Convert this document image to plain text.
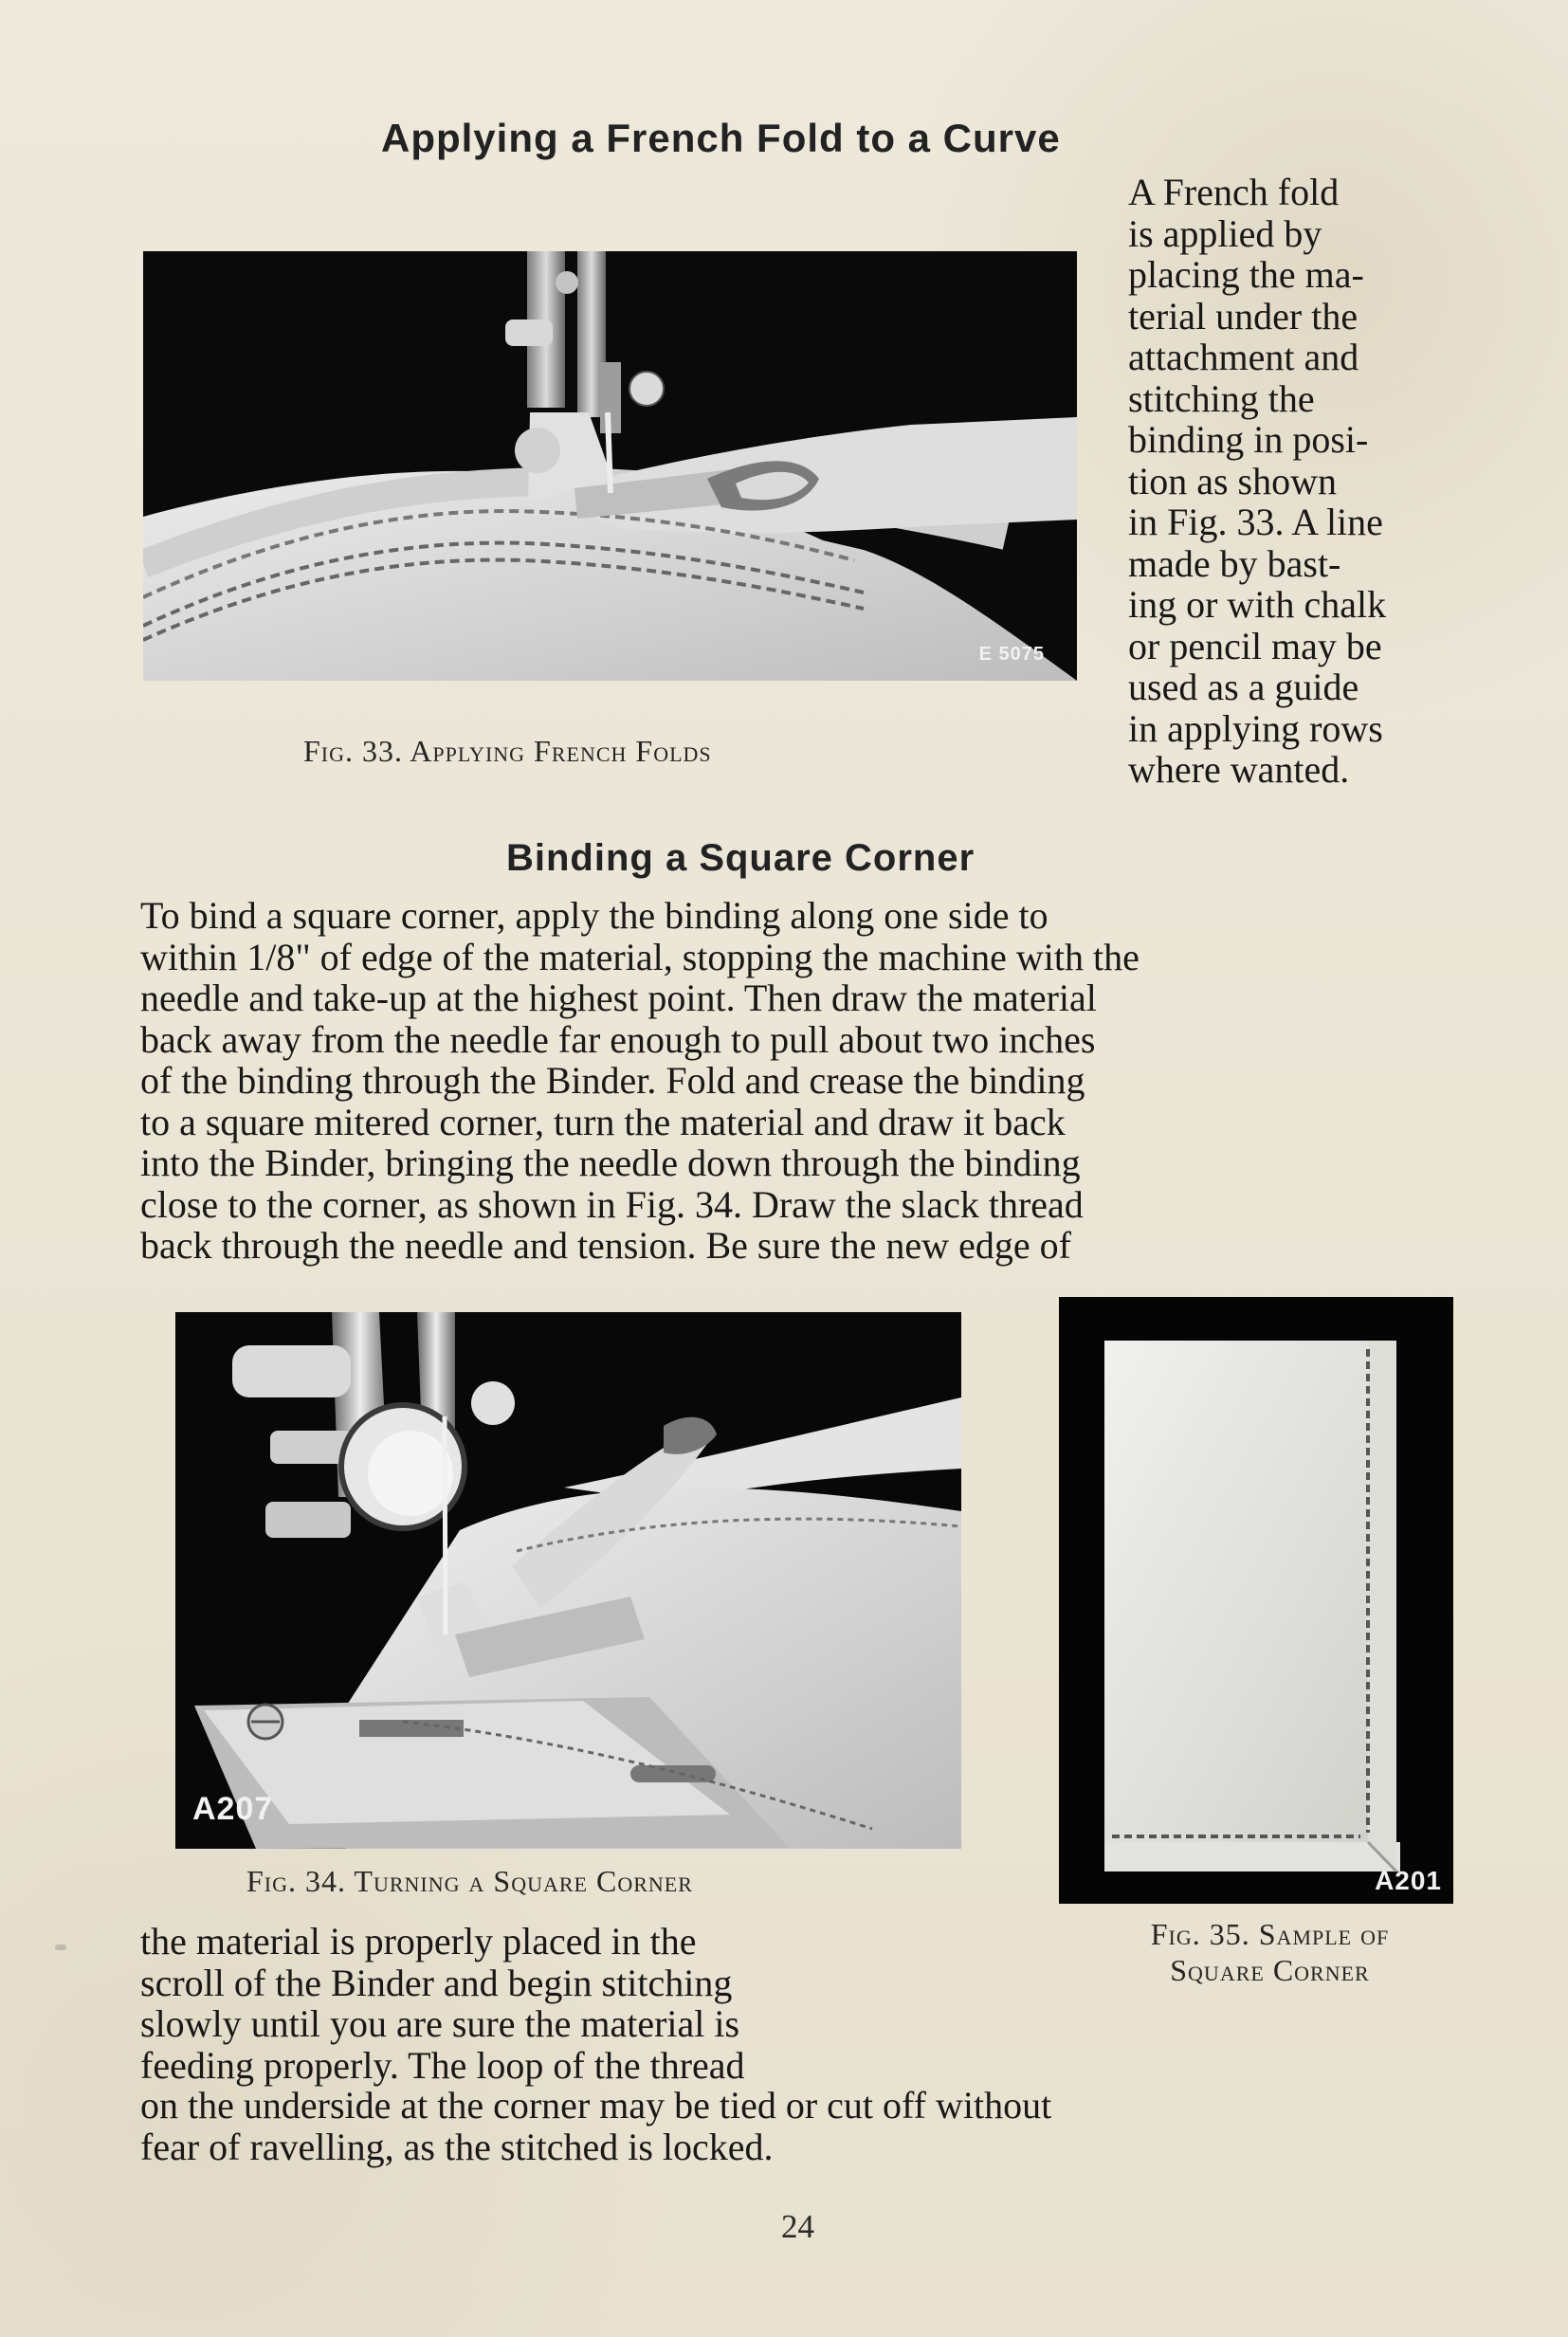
Applying a French Fold to a Curve
E 5075
Fig. 33. Applying French Folds

A French fold
is applied by
placing the ma-
terial under the
attachment and
stitching the
binding in posi-
tion as shown
in Fig. 33. A line
made by bast-
ing or with chalk
or pencil may be
used as a guide
in applying rows
where wanted.

Binding a Square Corner

To bind a square corner, apply the binding along one side to
within 1/8" of edge of the material, stopping the machine with the
needle and take-up at the highest point. Then draw the material
back away from the needle far enough to pull about two inches
of the binding through the Binder. Fold and crease the binding
to a square mitered corner, turn the material and draw it back
into the Binder, bringing the needle down through the binding
close to the corner, as shown in Fig. 34. Draw the slack thread
back through the needle and tension. Be sure the new edge of

A207
Fig. 34. Turning a Square Corner	A201
Fig. 35. Sample of
Square Corner

the material is properly placed in the
scroll of the Binder and begin stitching
slowly until you are sure the material is
feeding properly. The loop of the thread

on the underside at the corner may be tied or cut off without
fear of ravelling, as the stitched is locked.

24
